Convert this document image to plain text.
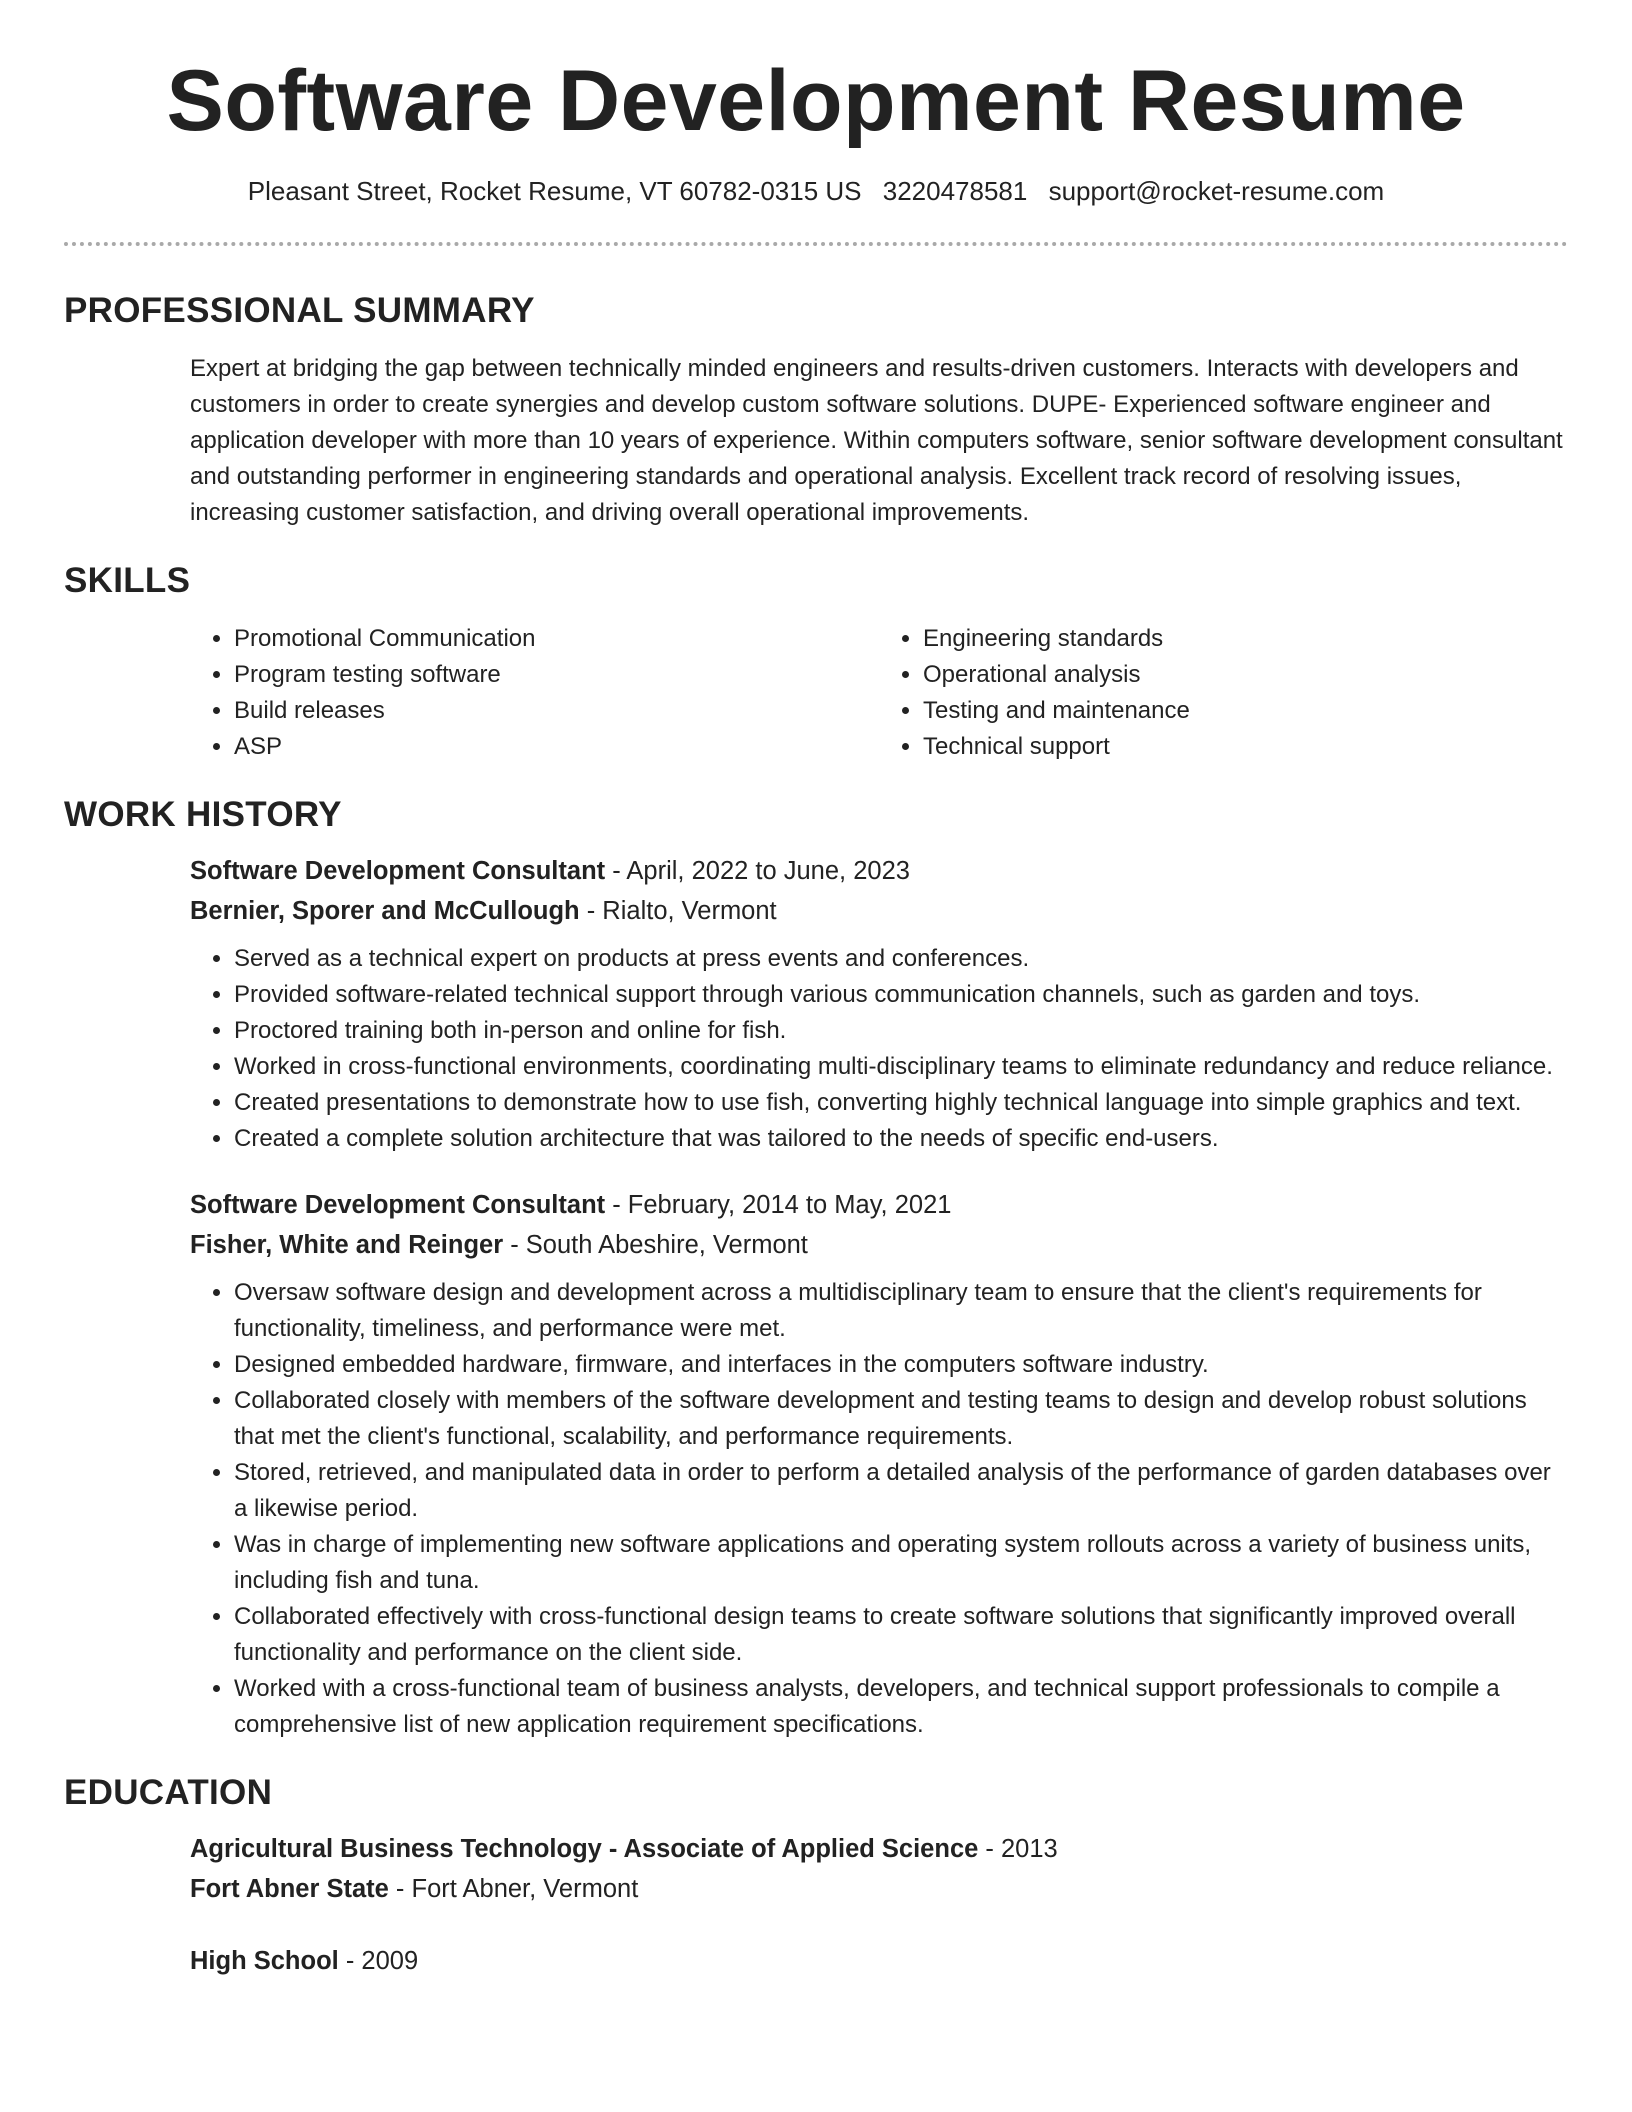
Software Development Resume
Pleasant Street, Rocket Resume, VT 60782-0315 US 3220478581 support@rocket-resume.com
PROFESSIONAL SUMMARY

Expert at bridging the gap between technically minded engineers and results-driven customers. Interacts with developers and customers in order to create synergies and develop custom software solutions. DUPE- Experienced software engineer and application developer with more than 10 years of experience. Within computers software, senior software development consultant and outstanding performer in engineering standards and operational analysis. Excellent track record of resolving issues, increasing customer satisfaction, and driving overall operational improvements.

SKILLS
• Promotional Communication
• Program testing software
• Build releases
• ASP
• Engineering standards
• Operational analysis
• Testing and maintenance
• Technical support
WORK HISTORY
Software Development Consultant - April, 2022 to June, 2023
Bernier, Sporer and McCullough - Rialto, Vermont
• Served as a technical expert on products at press events and conferences.
• Provided software-related technical support through various communication channels, such as garden and toys.
• Proctored training both in-person and online for fish.
• Worked in cross-functional environments, coordinating multi-disciplinary teams to eliminate redundancy and reduce reliance.
• Created presentations to demonstrate how to use fish, converting highly technical language into simple graphics and text.
• Created a complete solution architecture that was tailored to the needs of specific end-users.
Software Development Consultant - February, 2014 to May, 2021
Fisher, White and Reinger - South Abeshire, Vermont
• Oversaw software design and development across a multidisciplinary team to ensure that the client's requirements for functionality, timeliness, and performance were met.
• Designed embedded hardware, firmware, and interfaces in the computers software industry.
• Collaborated closely with members of the software development and testing teams to design and develop robust solutions that met the client's functional, scalability, and performance requirements.
• Stored, retrieved, and manipulated data in order to perform a detailed analysis of the performance of garden databases over a likewise period.
• Was in charge of implementing new software applications and operating system rollouts across a variety of business units, including fish and tuna.
• Collaborated effectively with cross-functional design teams to create software solutions that significantly improved overall functionality and performance on the client side.
• Worked with a cross-functional team of business analysts, developers, and technical support professionals to compile a comprehensive list of new application requirement specifications.
EDUCATION
Agricultural Business Technology - Associate of Applied Science - 2013
Fort Abner State - Fort Abner, Vermont
High School - 2009
